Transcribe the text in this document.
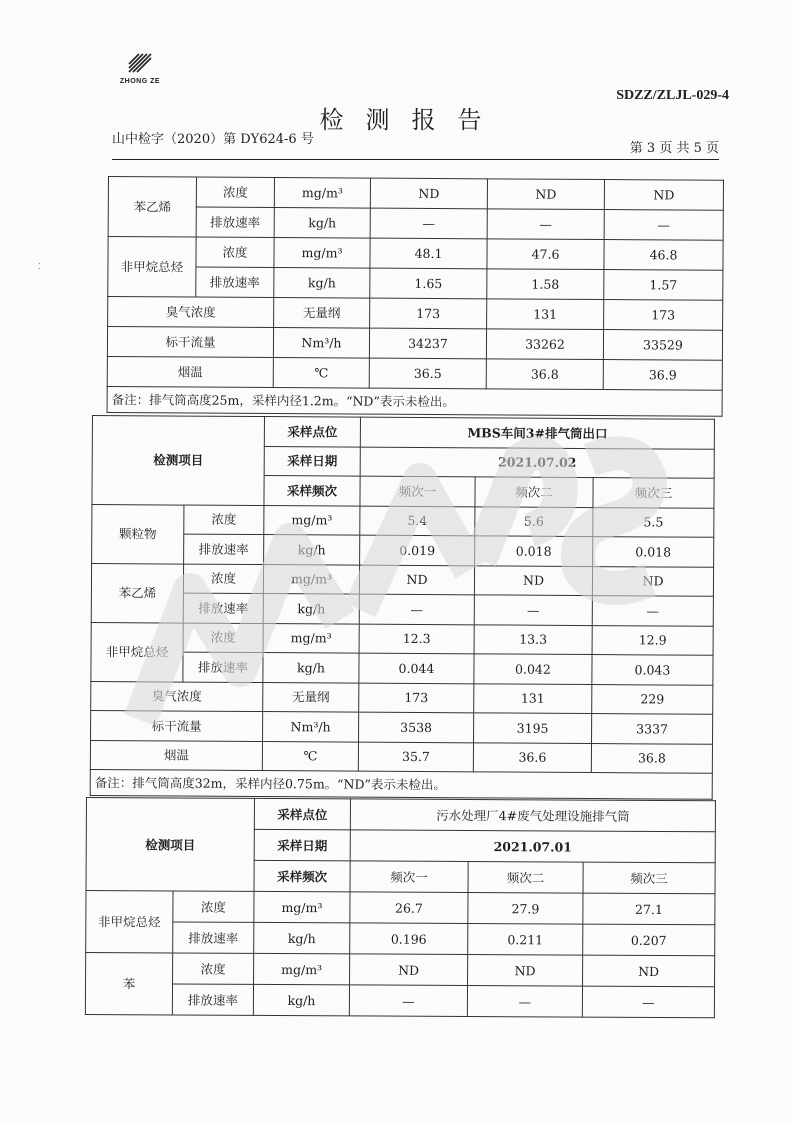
ZHONG ZE
SDZZ/ZLJL-029-4
检测报告
山中检字（2020）第 DY624-6 号
第 3 页 共 5 页
⁚
苯乙烯	浓度	mg/m³	ND	ND	ND
	排放速率	kg/h	—	—	—
非甲烷总烃	浓度	mg/m³	48.1	47.6	46.8
	排放速率	kg/h	1.65	1.58	1.57
臭气浓度		无量纲	173	131	173
标干流量		Nm³/h	34237	33262	33529
烟温		℃	36.5	36.8	36.9
备注：排气筒高度25m，采样内径1.2m。“ND”表示未检出。					
检测项目		采样点位	MBS车间3#排气筒出口		
		采样日期	2021.07.02		
		采样频次	频次一	频次二	频次三
颗粒物	浓度	mg/m³	5.4	5.6	5.5
	排放速率	kg/h	0.019	0.018	0.018
苯乙烯	浓度	mg/m³	ND	ND	ND
	排放速率	kg/h	—	—	—
非甲烷总烃	浓度	mg/m³	12.3	13.3	12.9
	排放速率	kg/h	0.044	0.042	0.043
臭气浓度		无量纲	173	131	229
标干流量		Nm³/h	3538	3195	3337
烟温		℃	35.7	36.6	36.8
备注：排气筒高度32m，采样内径0.75m。“ND”表示未检出。					
检测项目		采样点位	污水处理厂4#废气处理设施排气筒		
		采样日期	2021.07.01		
		采样频次	频次一	频次二	频次三
非甲烷总烃	浓度	mg/m³	26.7	27.9	27.1
	排放速率	kg/h	0.196	0.211	0.207
苯	浓度	mg/m³	ND	ND	ND
	排放速率	kg/h	—	—	—
